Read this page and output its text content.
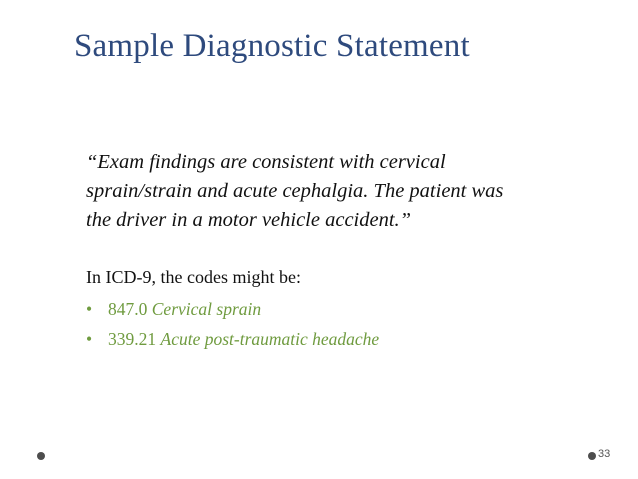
Sample Diagnostic Statement
“Exam findings are consistent with cervical
sprain/strain and acute cephalgia. The patient was
the driver in a motor vehicle accident.”
In ICD-9, the codes might be:
• 847.0 Cervical sprain
• 339.21 Acute post-traumatic headache
33
